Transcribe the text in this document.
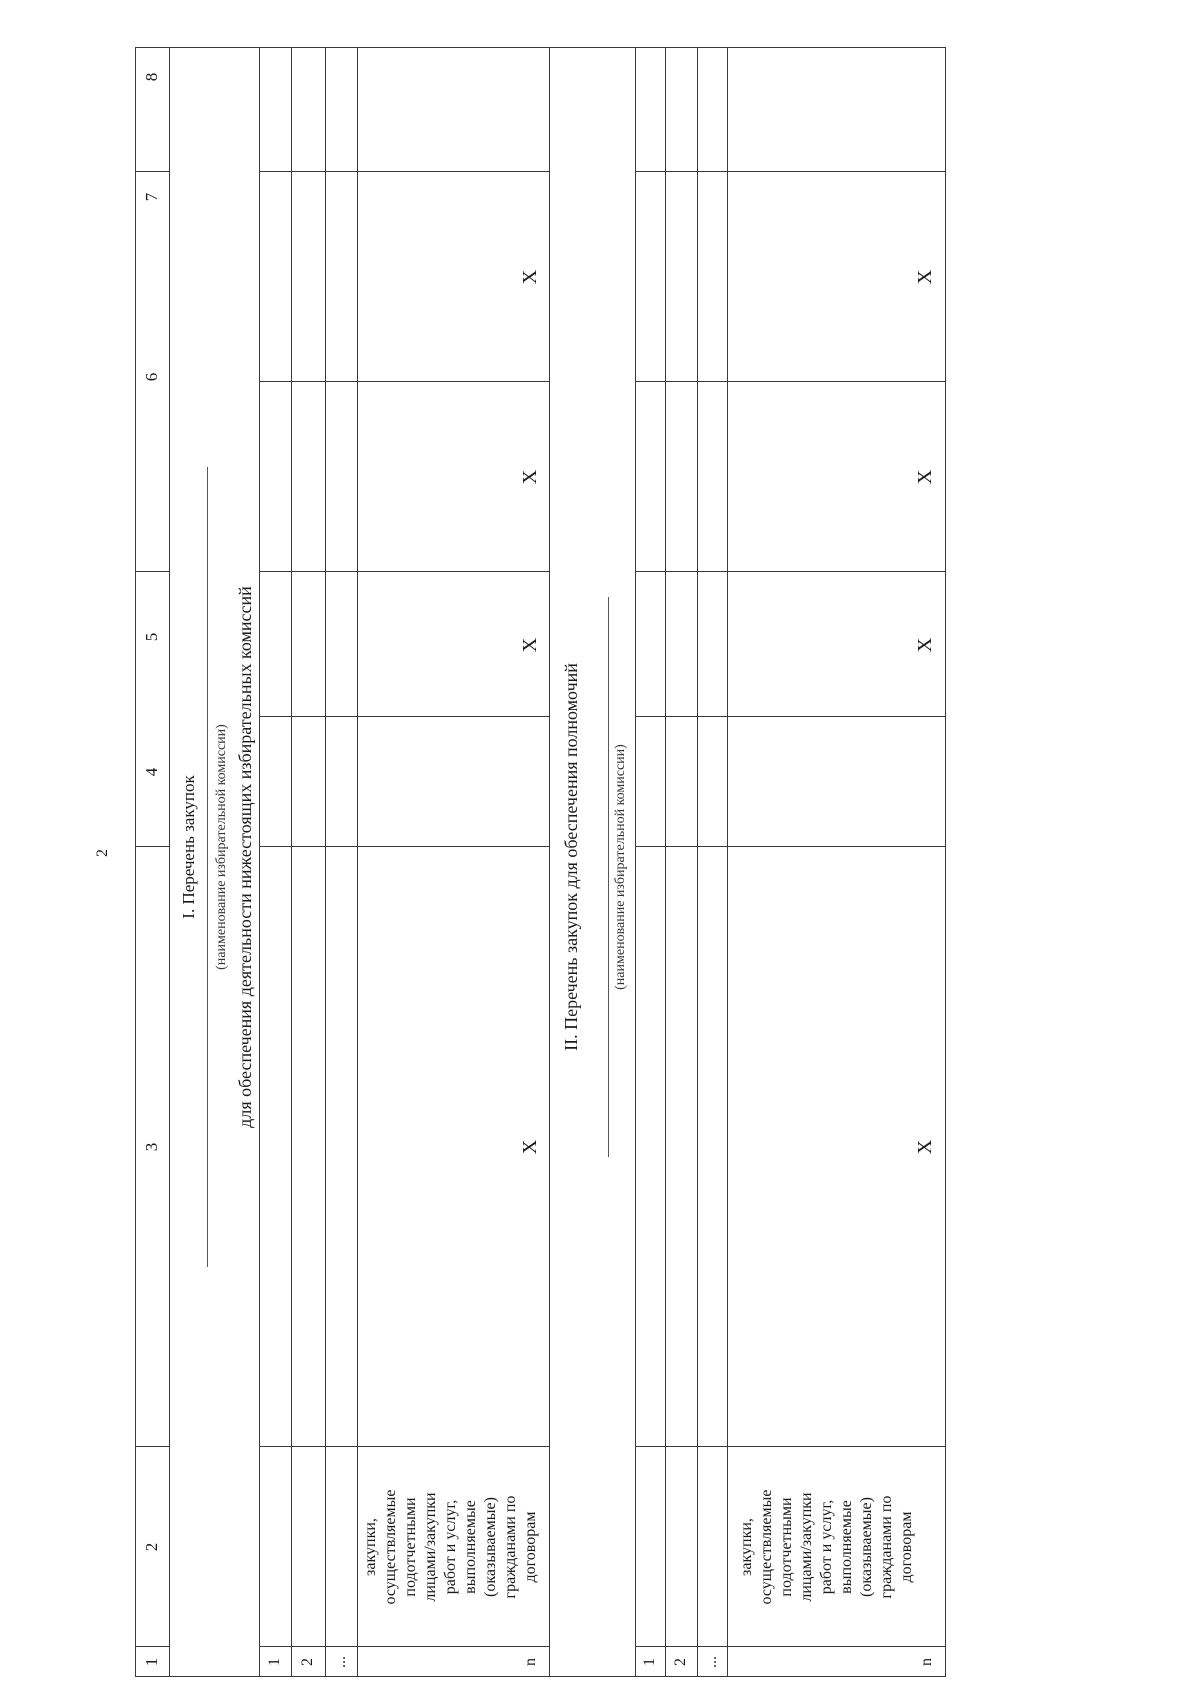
2
1
2
3
4
5
6
7
8
I. Перечень закупок (наименование избирательной комиссии) для обеспечения деятельности нижестоящих избирательных комиссий
1 2 ...	n
закупки, осуществляемые подотчетными лицами/закупки работ и услуг, выполняемые (оказываемые) гражданами по договорам
X
X
X
X
II. Перечень закупок для обеспечения полномочий (наименование избирательной комиссии)
1 2 ...	n
закупки, осуществляемые подотчетными лицами/закупки работ и услуг, выполняемые (оказываемые) гражданами по договорам
X
X
X
X
